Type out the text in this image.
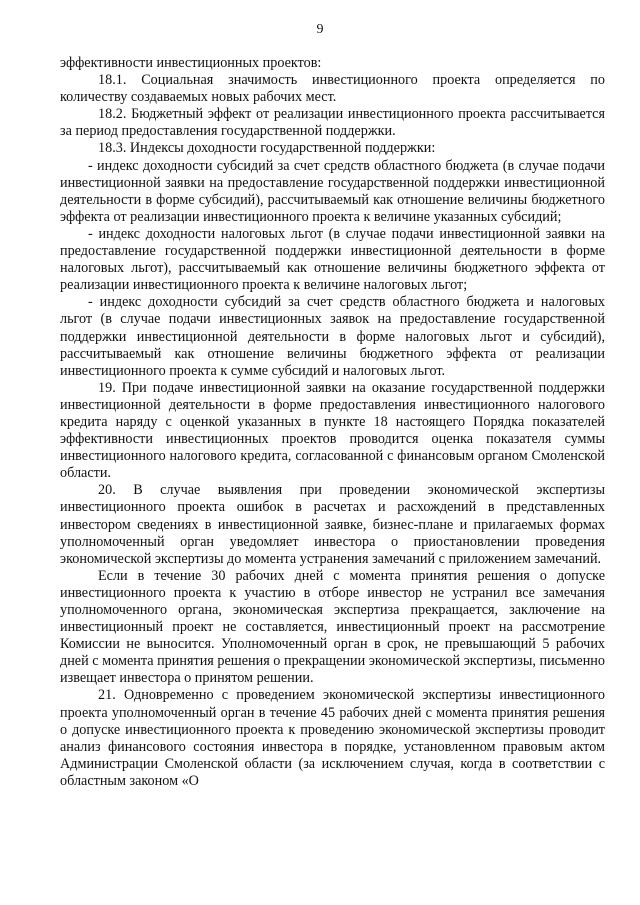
9

эффективности инвестиционных проектов:

18.1. Социальная значимость инвестиционного проекта определяется по количеству создаваемых новых рабочих мест.

18.2. Бюджетный эффект от реализации инвестиционного проекта рассчитывается за период предоставления государственной поддержки.

18.3. Индексы доходности государственной поддержки:

- индекс доходности субсидий за счет средств областного бюджета (в случае подачи инвестиционной заявки на предоставление государственной поддержки инвестиционной деятельности в форме субсидий), рассчитываемый как отношение величины бюджетного эффекта от реализации инвестиционного проекта к величине указанных субсидий;

- индекс доходности налоговых льгот (в случае подачи инвестиционной заявки на предоставление государственной поддержки инвестиционной деятельности в форме налоговых льгот), рассчитываемый как отношение величины бюджетного эффекта от реализации инвестиционного проекта к величине налоговых льгот;

- индекс доходности субсидий за счет средств областного бюджета и налоговых льгот (в случае подачи инвестиционных заявок на предоставление государственной поддержки инвестиционной деятельности в форме налоговых льгот и субсидий), рассчитываемый как отношение величины бюджетного эффекта от реализации инвестиционного проекта к сумме субсидий и налоговых льгот.

19. При подаче инвестиционной заявки на оказание государственной поддержки инвестиционной деятельности в форме предоставления инвестиционного налогового кредита наряду с оценкой указанных в пункте 18 настоящего Порядка показателей эффективности инвестиционных проектов проводится оценка показателя суммы инвестиционного налогового кредита, согласованной с финансовым органом Смоленской области.

20. В случае выявления при проведении экономической экспертизы инвестиционного проекта ошибок в расчетах и расхождений в представленных инвестором сведениях в инвестиционной заявке, бизнес-плане и прилагаемых формах уполномоченный орган уведомляет инвестора о приостановлении проведения экономической экспертизы до момента устранения замечаний с приложением замечаний.

Если в течение 30 рабочих дней с момента принятия решения о допуске инвестиционного проекта к участию в отборе инвестор не устранил все замечания уполномоченного органа, экономическая экспертиза прекращается, заключение на инвестиционный проект не составляется, инвестиционный проект на рассмотрение Комиссии не выносится. Уполномоченный орган в срок, не превышающий 5 рабочих дней с момента принятия решения о прекращении экономической экспертизы, письменно извещает инвестора о принятом решении.

21. Одновременно с проведением экономической экспертизы инвестиционного проекта уполномоченный орган в течение 45 рабочих дней с момента принятия решения о допуске инвестиционного проекта к проведению экономической экспертизы проводит анализ финансового состояния инвестора в порядке, установленном правовым актом Администрации Смоленской области (за исключением случая, когда в соответствии с областным законом «О
